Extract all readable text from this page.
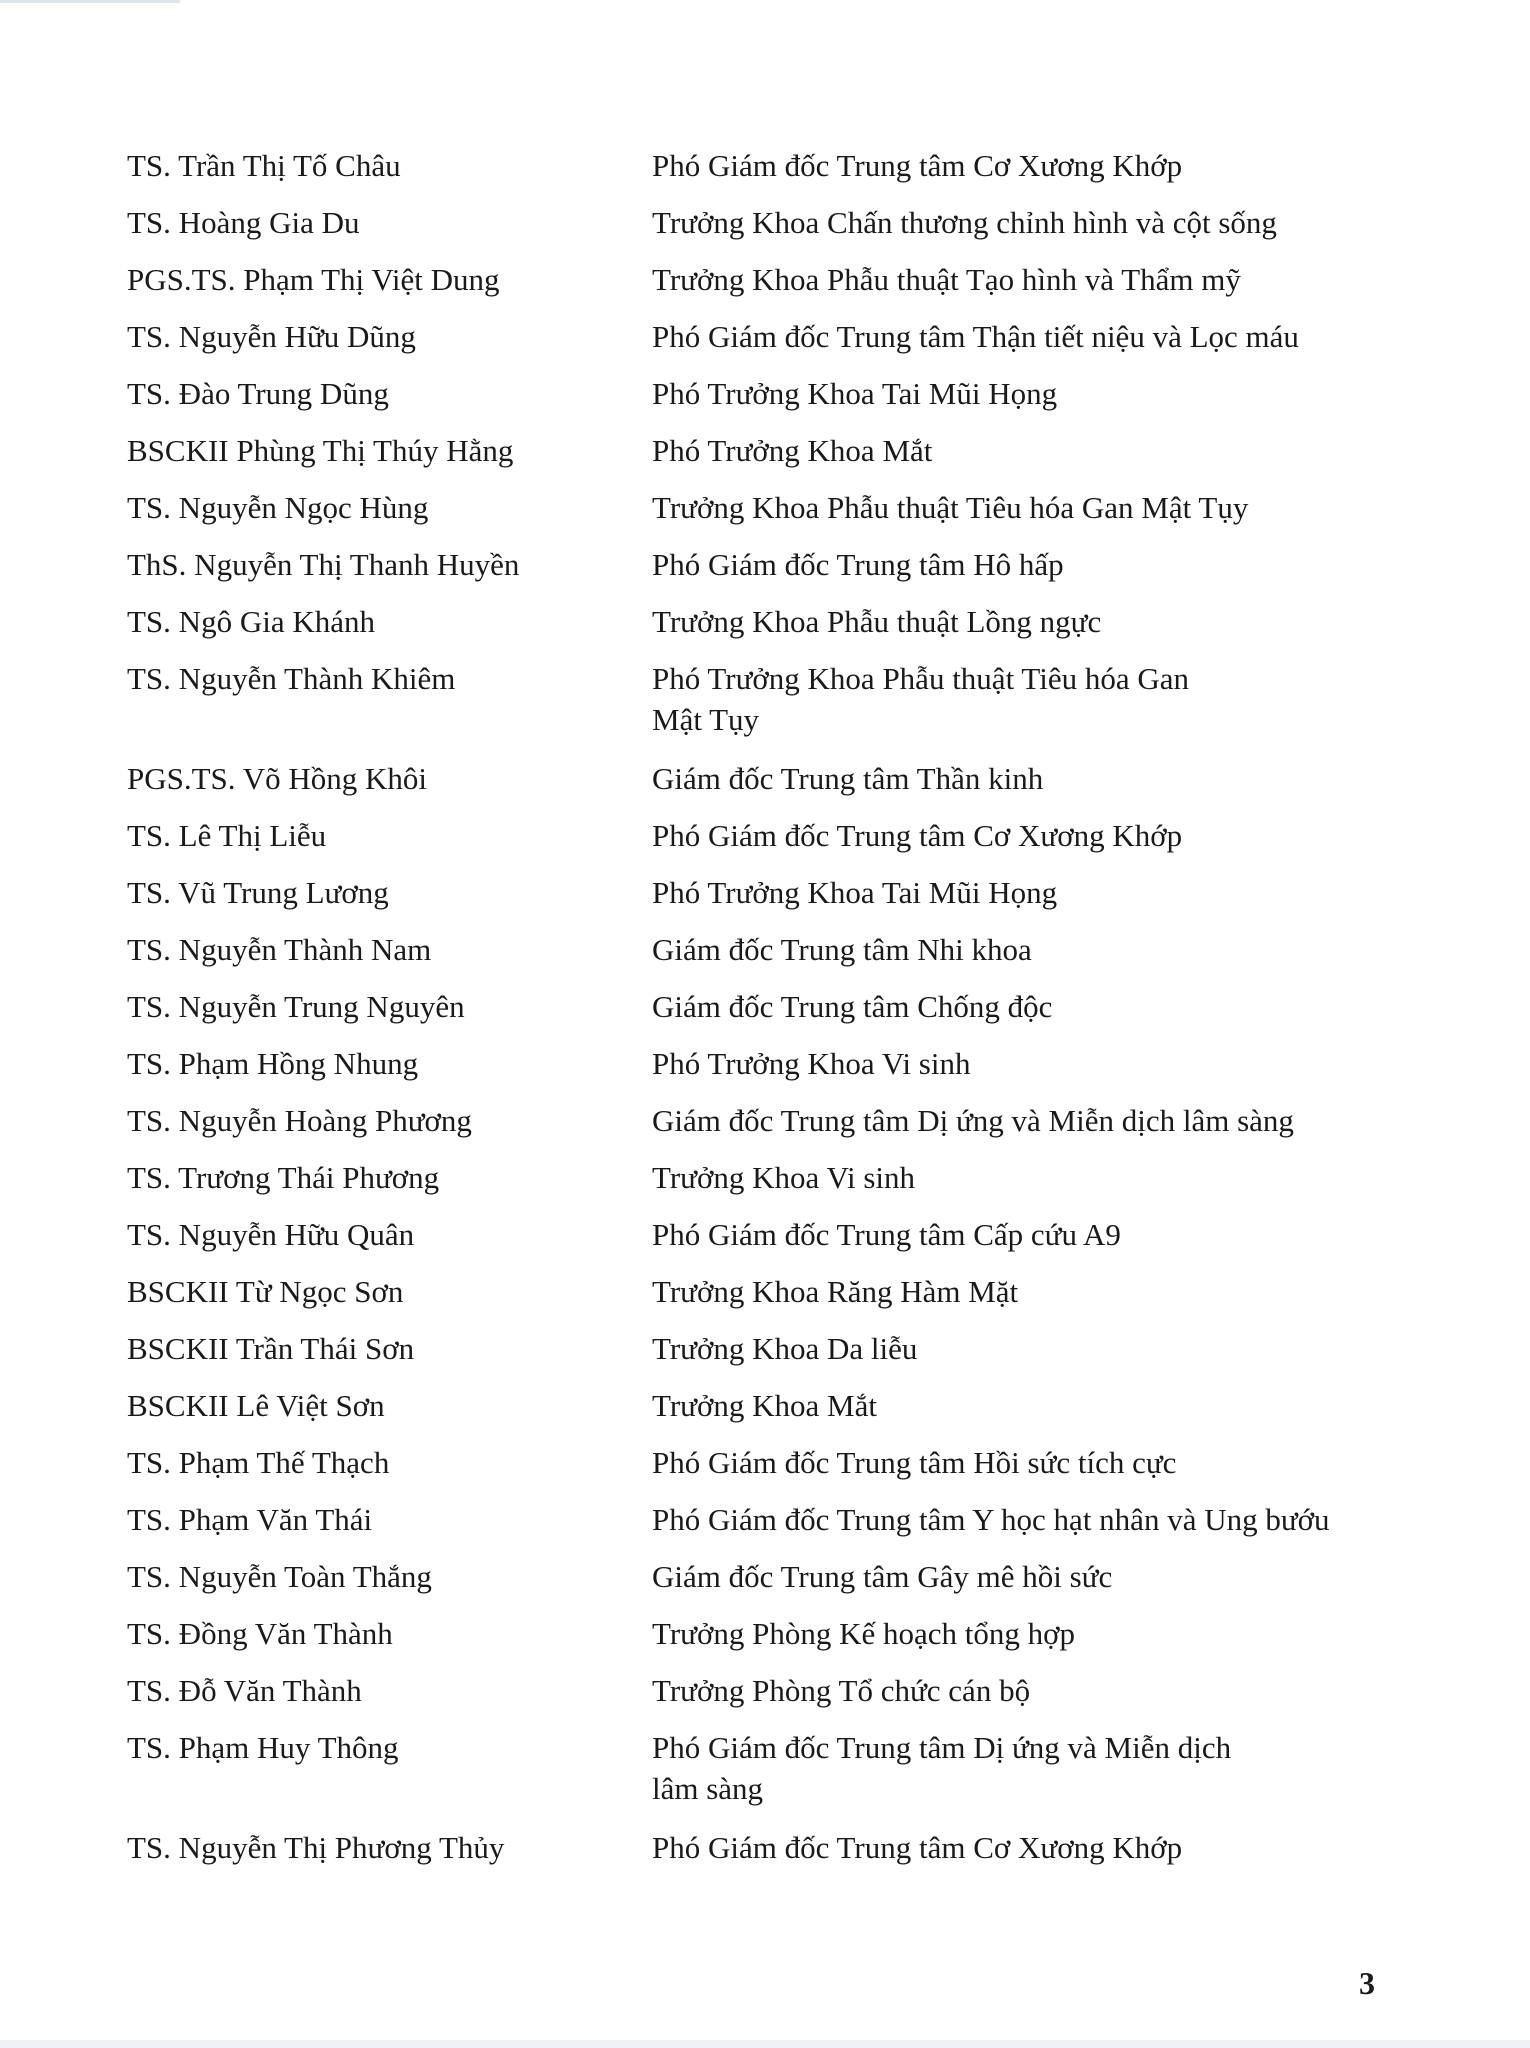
TS. Trần Thị Tố Châu	Phó Giám đốc Trung tâm Cơ Xương Khớp
TS. Hoàng Gia Du	Trưởng Khoa Chấn thương chỉnh hình và cột sống
PGS.TS. Phạm Thị Việt Dung	Trưởng Khoa Phẫu thuật Tạo hình và Thẩm mỹ
TS. Nguyễn Hữu Dũng	Phó Giám đốc Trung tâm Thận tiết niệu và Lọc máu
TS. Đào Trung Dũng	Phó Trưởng Khoa Tai Mũi Họng
BSCKII Phùng Thị Thúy Hằng	Phó Trưởng Khoa Mắt
TS. Nguyễn Ngọc Hùng	Trưởng Khoa Phẫu thuật Tiêu hóa Gan Mật Tụy
ThS. Nguyễn Thị Thanh Huyền	Phó Giám đốc Trung tâm Hô hấp
TS. Ngô Gia Khánh	Trưởng Khoa Phẫu thuật Lồng ngực
TS. Nguyễn Thành Khiêm	Phó Trưởng Khoa Phẫu thuật Tiêu hóa Gan
Mật Tụy
PGS.TS. Võ Hồng Khôi	Giám đốc Trung tâm Thần kinh
TS. Lê Thị Liễu	Phó Giám đốc Trung tâm Cơ Xương Khớp
TS. Vũ Trung Lương	Phó Trưởng Khoa Tai Mũi Họng
TS. Nguyễn Thành Nam	Giám đốc Trung tâm Nhi khoa
TS. Nguyễn Trung Nguyên	Giám đốc Trung tâm Chống độc
TS. Phạm Hồng Nhung	Phó Trưởng Khoa Vi sinh
TS. Nguyễn Hoàng Phương	Giám đốc Trung tâm Dị ứng và Miễn dịch lâm sàng
TS. Trương Thái Phương	Trưởng Khoa Vi sinh
TS. Nguyễn Hữu Quân	Phó Giám đốc Trung tâm Cấp cứu A9
BSCKII Từ Ngọc Sơn	Trưởng Khoa Răng Hàm Mặt
BSCKII Trần Thái Sơn	Trưởng Khoa Da liễu
BSCKII Lê Việt Sơn	Trưởng Khoa Mắt
TS. Phạm Thế Thạch	Phó Giám đốc Trung tâm Hồi sức tích cực
TS. Phạm Văn Thái	Phó Giám đốc Trung tâm Y học hạt nhân và Ung bướu
TS. Nguyễn Toàn Thắng	Giám đốc Trung tâm Gây mê hồi sức
TS. Đồng Văn Thành	Trưởng Phòng Kế hoạch tổng hợp
TS. Đỗ Văn Thành	Trưởng Phòng Tổ chức cán bộ
TS. Phạm Huy Thông	Phó Giám đốc Trung tâm Dị ứng và Miễn dịch
lâm sàng
TS. Nguyễn Thị Phương Thủy	Phó Giám đốc Trung tâm Cơ Xương Khớp
3
